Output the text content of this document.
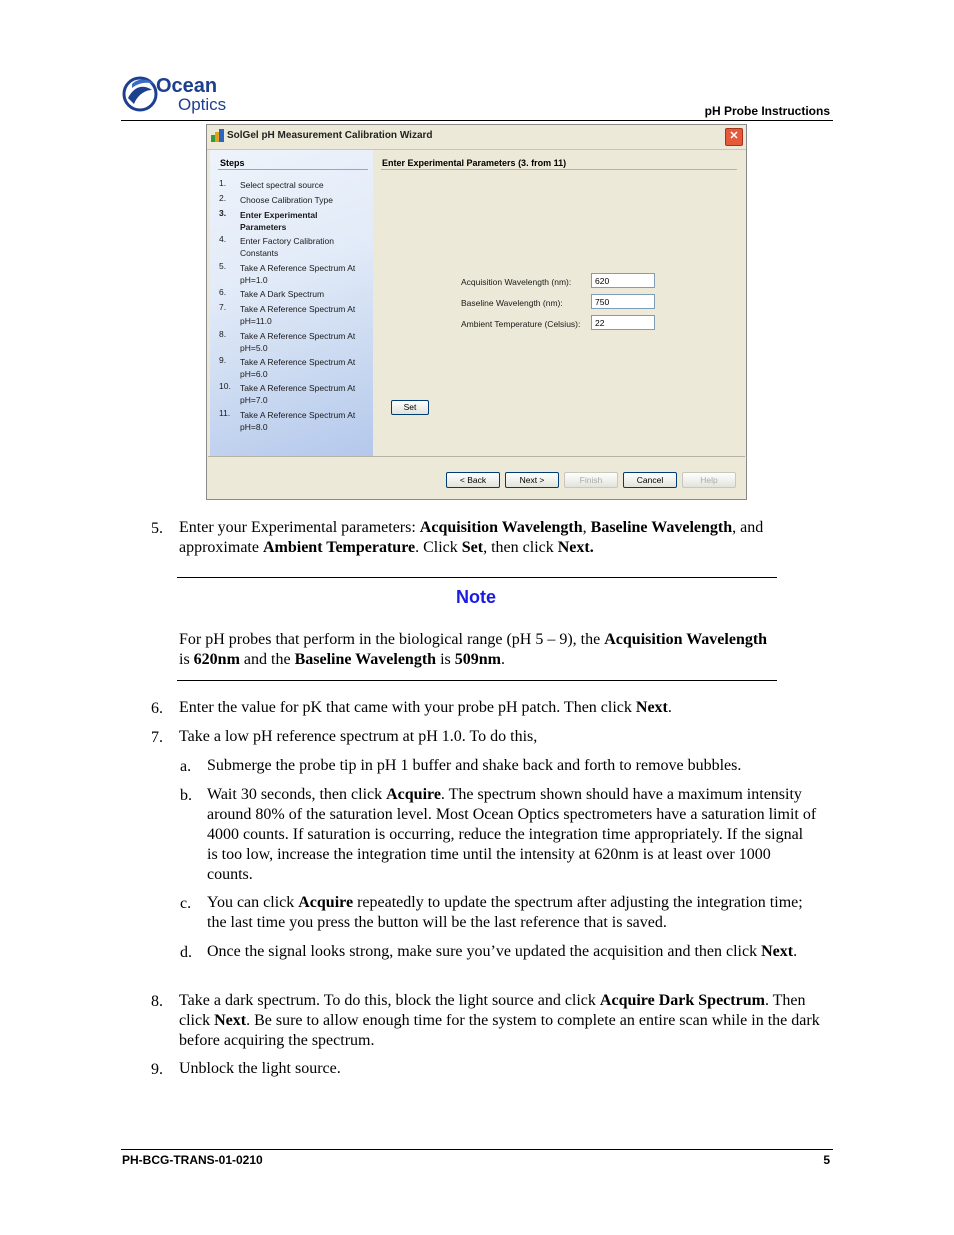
Ocean
Optics	pH Probe Instructions
SolGel pH Measurement Calibration Wizard	✕
Steps
1.	Select spectral source
2.	Choose Calibration Type
3.	Enter Experimental Parameters
4.	Enter Factory Calibration Constants
5.	Take A Reference Spectrum At pH=1.0
6.	Take A Dark Spectrum
7.	Take A Reference Spectrum At pH=11.0
8.	Take A Reference Spectrum At pH=5.0
9.	Take A Reference Spectrum At pH=6.0
10.	Take A Reference Spectrum At pH=7.0
11.	Take A Reference Spectrum At pH=8.0
Enter Experimental Parameters (3. from 11)
Acquisition Wavelength (nm):	620
Baseline Wavelength (nm):	750
Ambient Temperature (Celsius):	22
Set
< Back	Next >	Finish	Cancel	Help
5. Enter your Experimental parameters: Acquisition Wavelength, Baseline Wavelength, and approximate Ambient Temperature. Click Set, then click Next.
Note
For pH probes that perform in the biological range (pH 5 – 9), the Acquisition Wavelength is 620nm and the Baseline Wavelength is 509nm.
6. Enter the value for pK that came with your probe pH patch. Then click Next.
7. Take a low pH reference spectrum at pH 1.0. To do this,
a. Submerge the probe tip in pH 1 buffer and shake back and forth to remove bubbles.
b. Wait 30 seconds, then click Acquire. The spectrum shown should have a maximum intensity around 80% of the saturation level. Most Ocean Optics spectrometers have a saturation limit of 4000 counts. If saturation is occurring, reduce the integration time appropriately. If the signal is too low, increase the integration time until the intensity at 620nm is at least over 1000 counts.
c. You can click Acquire repeatedly to update the spectrum after adjusting the integration time; the last time you press the button will be the last reference that is saved.
d. Once the signal looks strong, make sure you’ve updated the acquisition and then click Next.
8. Take a dark spectrum. To do this, block the light source and click Acquire Dark Spectrum. Then click Next. Be sure to allow enough time for the system to complete an entire scan while in the dark before acquiring the spectrum.
9. Unblock the light source.
PH-BCG-TRANS-01-0210	5
